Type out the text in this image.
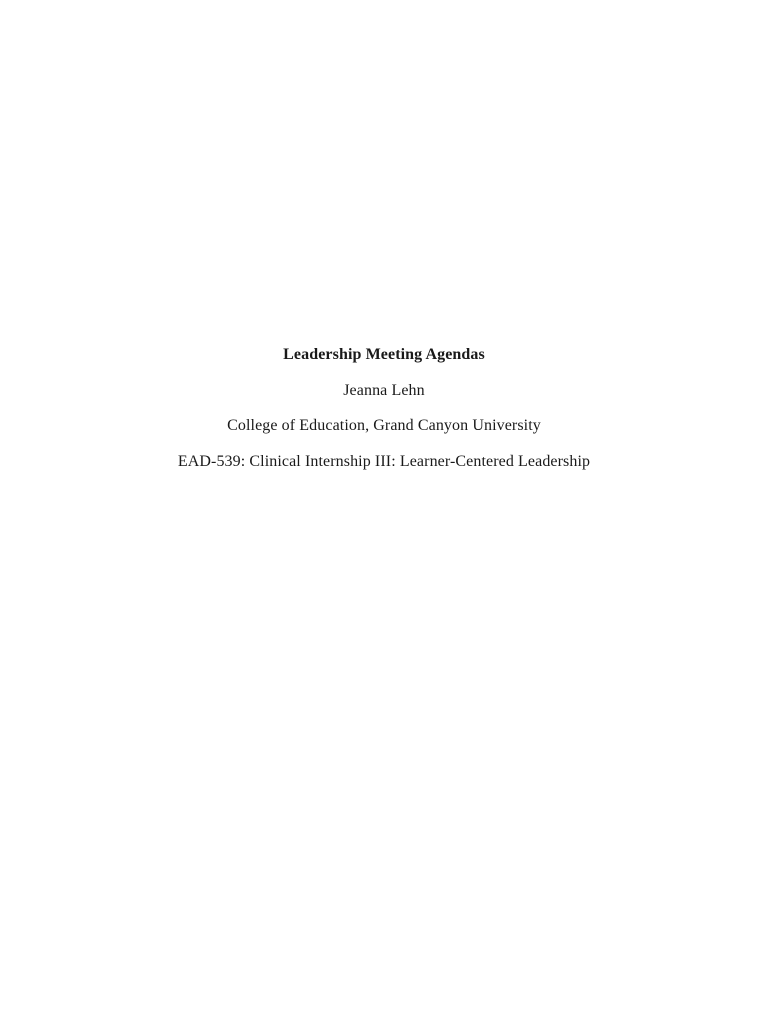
Leadership Meeting Agendas

Jeanna Lehn

College of Education, Grand Canyon University

EAD-539: Clinical Internship III: Learner-Centered Leadership
